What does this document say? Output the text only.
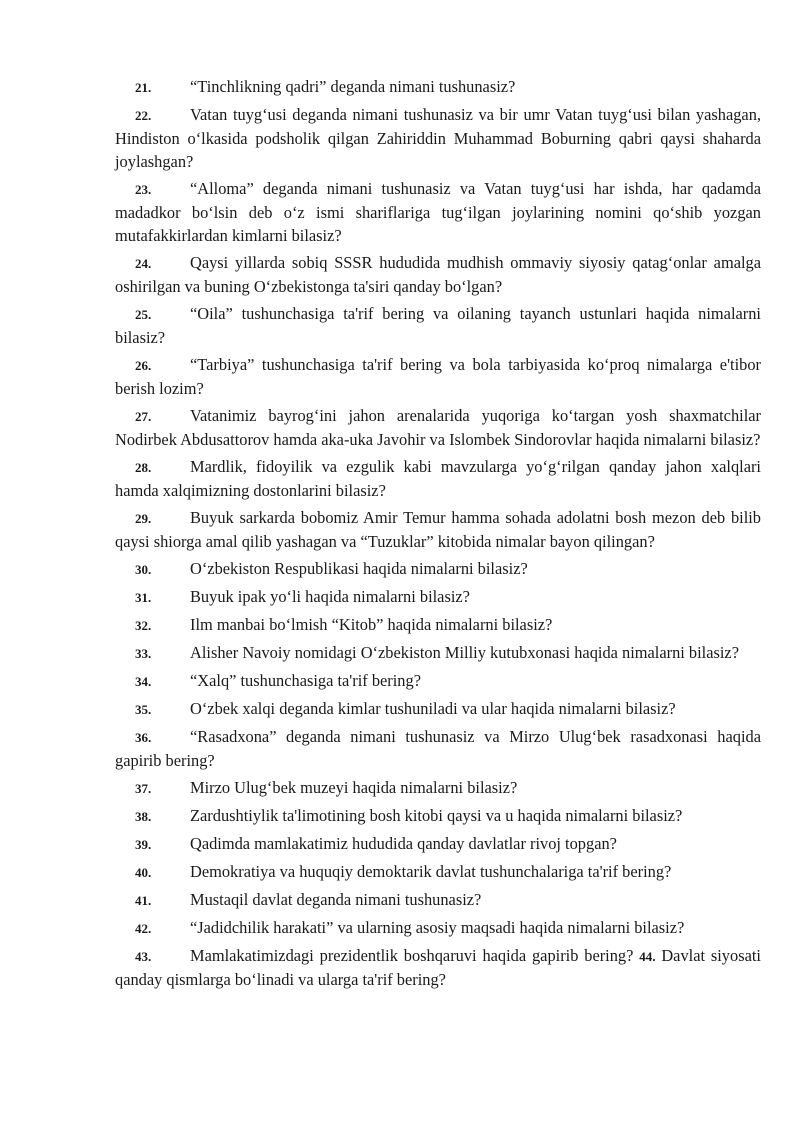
21. “Tinchlikning qadri” deganda nimani tushunasiz?

22. Vatan tuyg‘usi deganda nimani tushunasiz va bir umr Vatan tuyg‘usi bilan yashagan, Hindiston o‘lkasida podsholik qilgan Zahiriddin Muhammad Boburning qabri qaysi shaharda joylashgan?

23. “Alloma” deganda nimani tushunasiz va Vatan tuyg‘usi har ishda, har qadamda madadkor bo‘lsin deb o‘z ismi shariflariga tug‘ilgan joylarining nomini qo‘shib yozgan mutafakkirlardan kimlarni bilasiz?

24. Qaysi yillarda sobiq SSSR hududida mudhish ommaviy siyosiy qatag‘onlar amalga oshirilgan va buning O‘zbekistonga ta'siri qanday bo‘lgan?

25. “Oila” tushunchasiga ta'rif bering va oilaning tayanch ustunlari haqida nimalarni bilasiz?

26. “Tarbiya” tushunchasiga ta'rif bering va bola tarbiyasida ko‘proq nimalarga e'tibor berish lozim?

27. Vatanimiz bayrog‘ini jahon arenalarida yuqoriga ko‘targan yosh shaxmatchilar Nodirbek Abdusattorov hamda aka-uka Javohir va Islombek Sindorovlar haqida nimalarni bilasiz?

28. Mardlik, fidoyilik va ezgulik kabi mavzularga yo‘g‘rilgan qanday jahon xalqlari hamda xalqimizning dostonlarini bilasiz?

29. Buyuk sarkarda bobomiz Amir Temur hamma sohada adolatni bosh mezon deb bilib qaysi shiorga amal qilib yashagan va “Tuzuklar” kitobida nimalar bayon qilingan?

30. O‘zbekiston Respublikasi haqida nimalarni bilasiz?

31. Buyuk ipak yo‘li haqida nimalarni bilasiz?

32. Ilm manbai bo‘lmish “Kitob” haqida nimalarni bilasiz?

33. Alisher Navoiy nomidagi O‘zbekiston Milliy kutubxonasi haqida nimalarni bilasiz?

34. “Xalq” tushunchasiga ta'rif bering?

35. O‘zbek xalqi deganda kimlar tushuniladi va ular haqida nimalarni bilasiz?

36. “Rasadxona” deganda nimani tushunasiz va Mirzo Ulug‘bek rasadxonasi haqida gapirib bering?

37. Mirzo Ulug‘bek muzeyi haqida nimalarni bilasiz?

38. Zardushtiylik ta'limotining bosh kitobi qaysi va u haqida nimalarni bilasiz?

39. Qadimda mamlakatimiz hududida qanday davlatlar rivoj topgan?

40. Demokratiya va huquqiy demoktarik davlat tushunchalariga ta'rif bering?

41. Mustaqil davlat deganda nimani tushunasiz?

42. “Jadidchilik harakati” va ularning asosiy maqsadi haqida nimalarni bilasiz?

43. Mamlakatimizdagi prezidentlik boshqaruvi haqida gapirib bering? 44. Davlat siyosati qanday qismlarga bo‘linadi va ularga ta'rif bering?
